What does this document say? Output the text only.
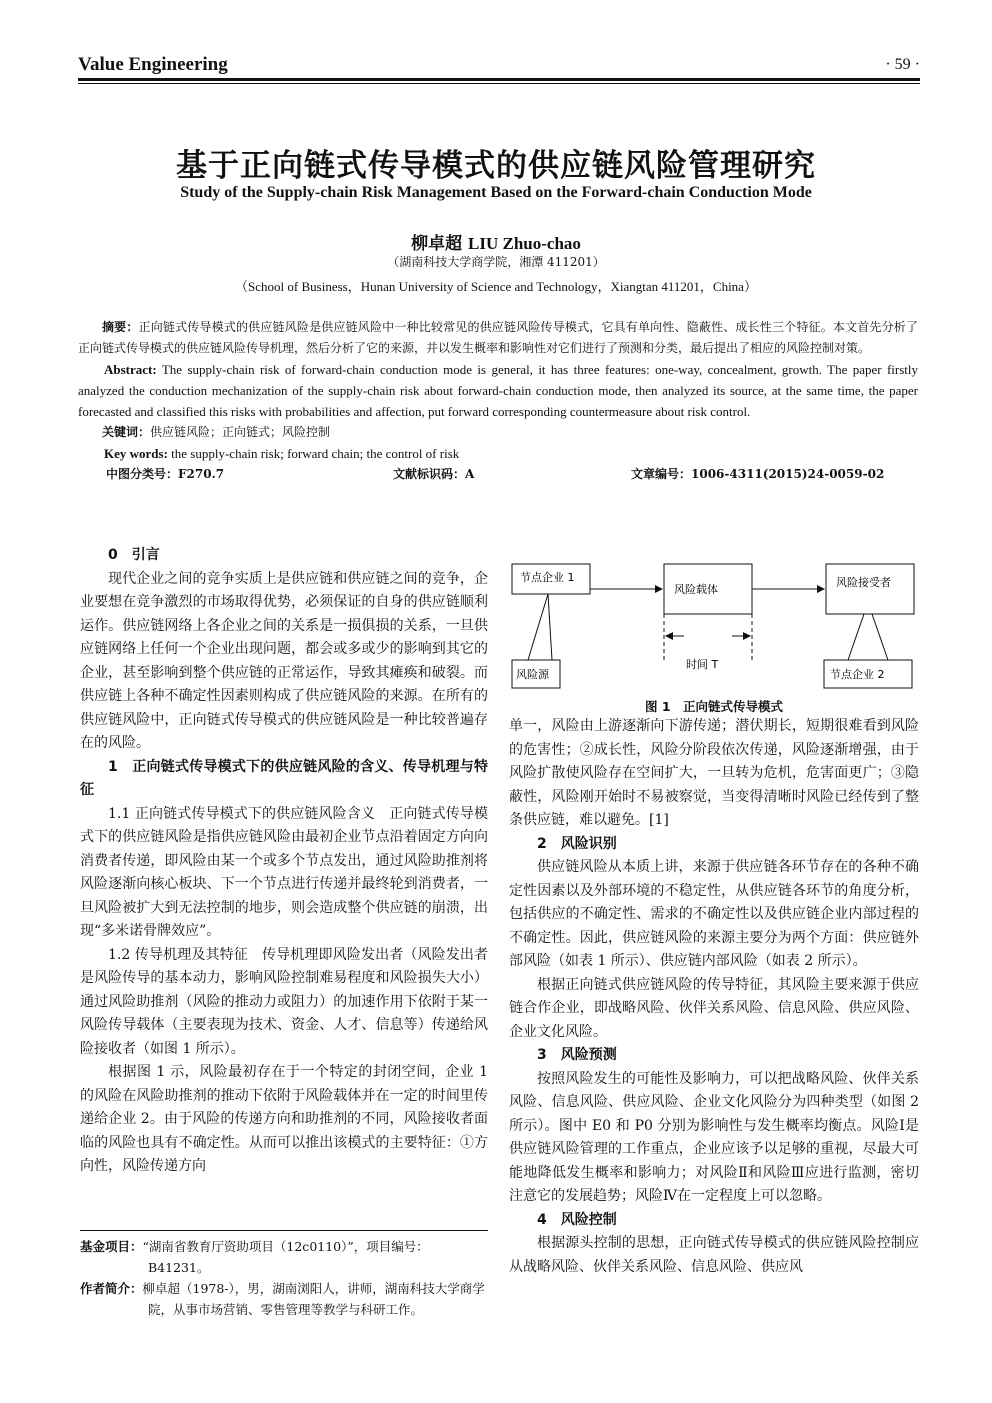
Value Engineering	· 59 ·
基于正向链式传导模式的供应链风险管理研究
Study of the Supply-chain Risk Management Based on the Forward-chain Conduction Mode
柳卓超 LIU Zhuo-chao
（湖南科技大学商学院，湘潭 411201）
（School of Business，Hunan University of Science and Technology，Xiangtan 411201，China）

摘要：正向链式传导模式的供应链风险是供应链风险中一种比较常见的供应链风险传导模式，它具有单向性、隐蔽性、成长性三个特征。本文首先分析了正向链式传导模式的供应链风险传导机理，然后分析了它的来源，并以发生概率和影响性对它们进行了预测和分类，最后提出了相应的风险控制对策。

Abstract: The supply-chain risk of forward-chain conduction mode is general, it has three features: one-way, concealment, growth. The paper firstly analyzed the conduction mechanization of the supply-chain risk about forward-chain conduction mode, then analyzed its source, at the same time, the paper forecasted and classified this risks with probabilities and affection, put forward corresponding countermeasure about risk control.

关键词：供应链风险；正向链式；风险控制

Key words: the supply-chain risk; forward chain; the control of risk

中图分类号：F270.7	文献标识码：A	文章编号：1006-4311(2015)24-0059-02

0　引言

现代企业之间的竞争实质上是供应链和供应链之间的竞争，企业要想在竞争激烈的市场取得优势，必须保证的自身的供应链顺利运作。供应链网络上各企业之间的关系是一损俱损的关系，一旦供应链网络上任何一个企业出现问题，都会或多或少的影响到其它的企业，甚至影响到整个供应链的正常运作，导致其瘫痪和破裂。而供应链上各种不确定性因素则构成了供应链风险的来源。在所有的供应链风险中，正向链式传导模式的供应链风险是一种比较普遍存在的风险。

1　正向链式传导模式下的供应链风险的含义、传导机理与特征

1.1 正向链式传导模式下的供应链风险含义　正向链式传导模式下的供应链风险是指供应链风险由最初企业节点沿着固定方向向消费者传递，即风险由某一个或多个节点发出，通过风险助推剂将风险逐渐向核心板块、下一个节点进行传递并最终轮到消费者，一旦风险被扩大到无法控制的地步，则会造成整个供应链的崩溃，出现“多米诺骨牌效应”。

1.2 传导机理及其特征　传导机理即风险发出者（风险发出者是风险传导的基本动力，影响风险控制难易程度和风险损失大小）通过风险助推剂（风险的推动力或阻力）的加速作用下依附于某一风险传导载体（主要表现为技术、资金、人才、信息等）传递给风险接收者（如图 1 所示）。

根据图 1 示，风险最初存在于一个特定的封闭空间，企业 1 的风险在风险助推剂的推动下依附于风险载体并在一定的时间里传递给企业 2。由于风险的传递方向和助推剂的不同，风险接收者面临的风险也具有不确定性。从而可以推出该模式的主要特征：①方向性，风险传递方向

节点企业 1
风险载体
风险接受者
风险源	节点企业 2
时间 T
图 1　正向链式传导模式

单一，风险由上游逐渐向下游传递；潜伏期长，短期很难看到风险的危害性；②成长性，风险分阶段依次传递，风险逐渐增强，由于风险扩散使风险存在空间扩大，一旦转为危机，危害面更广；③隐蔽性，风险刚开始时不易被察觉，当变得清晰时风险已经传到了整条供应链，难以避免。[1]

2　风险识别

供应链风险从本质上讲，来源于供应链各环节存在的各种不确定性因素以及外部环境的不稳定性，从供应链各环节的角度分析，包括供应的不确定性、需求的不确定性以及供应链企业内部过程的不确定性。因此，供应链风险的来源主要分为两个方面：供应链外部风险（如表 1 所示）、供应链内部风险（如表 2 所示）。

根据正向链式供应链风险的传导特征，其风险主要来源于供应链合作企业，即战略风险、伙伴关系风险、信息风险、供应风险、企业文化风险。

3　风险预测

按照风险发生的可能性及影响力，可以把战略风险、伙伴关系风险、信息风险、供应风险、企业文化风险分为四种类型（如图 2 所示）。图中 E0 和 P0 分别为影响性与发生概率均衡点。风险Ⅰ是供应链风险管理的工作重点，企业应该予以足够的重视，尽最大可能地降低发生概率和影响力；对风险Ⅱ和风险Ⅲ应进行监测，密切注意它的发展趋势；风险Ⅳ在一定程度上可以忽略。

4　风险控制

根据源头控制的思想，正向链式传导模式的供应链风险控制应从战略风险、伙伴关系风险、信息风险、供应风

基金项目：“湖南省教育厅资助项目（12c0110）”，项目编号：B41231。

作者简介：柳卓超（1978-），男，湖南浏阳人，讲师，湖南科技大学商学院，从事市场营销、零售管理等教学与科研工作。
